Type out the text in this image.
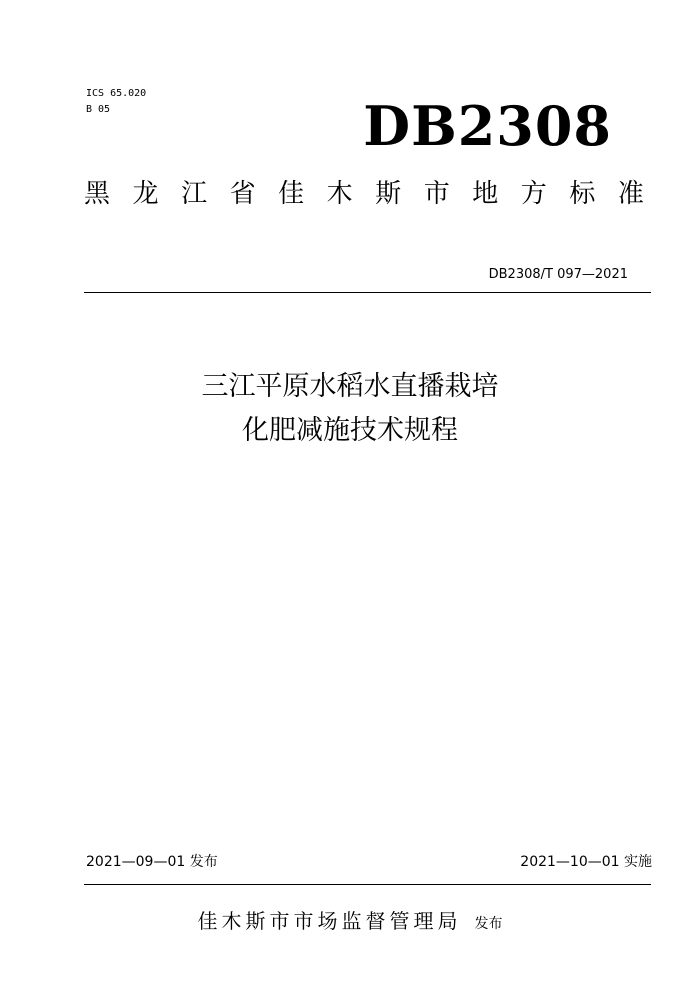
ICS 65.020
B 05	DB2308
黑 龙 江 省 佳 木 斯 市 地 方 标 准
DB2308/T 097—2021
三江平原水稻水直播栽培
化肥减施技术规程
2021—09—01 发布	2021—10—01 实施
佳木斯市市场监督管理局 发布
